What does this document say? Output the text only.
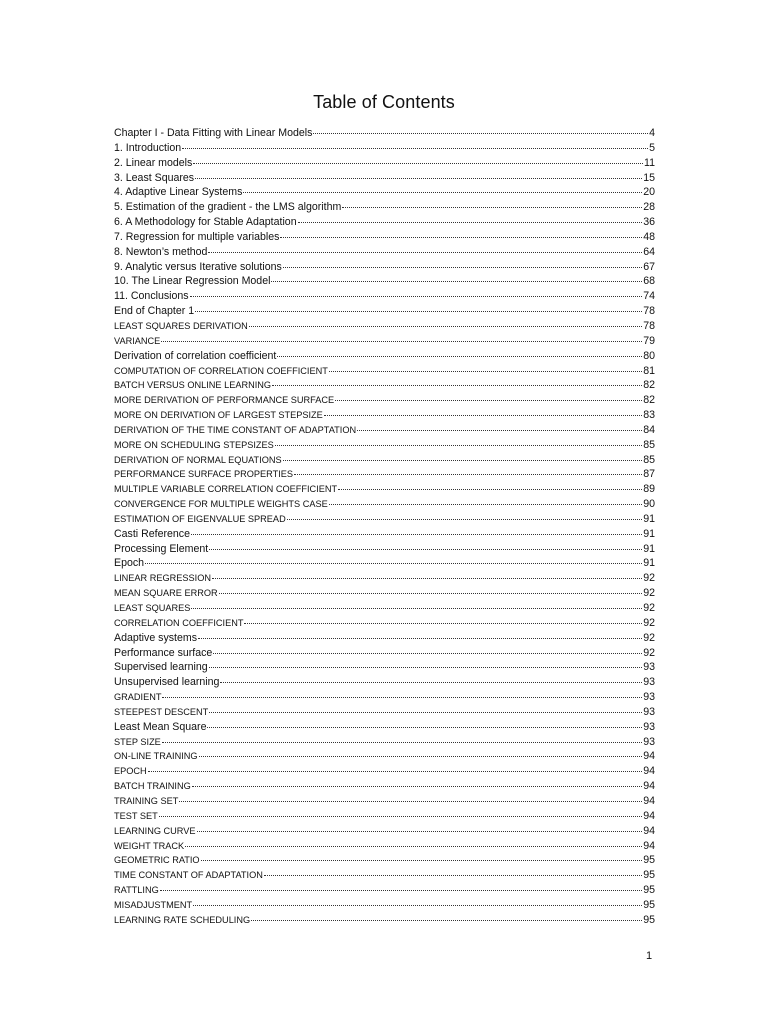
Table of Contents
Chapter I - Data Fitting with Linear Models	4
1. Introduction	5
2. Linear models	11
3. Least Squares	15
4. Adaptive Linear Systems	20
5. Estimation of the gradient - the LMS algorithm	28
6. A Methodology for Stable Adaptation	36
7. Regression for multiple variables	48
8. Newton’s method	64
9. Analytic versus Iterative solutions	67
10. The Linear Regression Model	68
11. Conclusions	74
End of Chapter 1	78
LEAST SQUARES DERIVATION	78
VARIANCE	79
Derivation of correlation coefficient	80
COMPUTATION OF CORRELATION COEFFICIENT	81
BATCH VERSUS ONLINE LEARNING	82
MORE DERIVATION OF PERFORMANCE SURFACE	82
MORE ON DERIVATION OF LARGEST STEPSIZE	83
DERIVATION OF THE TIME CONSTANT OF ADAPTATION	84
MORE ON SCHEDULING STEPSIZES	85
DERIVATION OF NORMAL EQUATIONS	85
PERFORMANCE SURFACE PROPERTIES	87
MULTIPLE VARIABLE CORRELATION COEFFICIENT	89
CONVERGENCE FOR MULTIPLE WEIGHTS CASE	90
ESTIMATION OF EIGENVALUE SPREAD	91
Casti Reference	91
Processing Element	91
Epoch	91
LINEAR REGRESSION	92
MEAN SQUARE ERROR	92
LEAST SQUARES	92
CORRELATION COEFFICIENT	92
Adaptive systems	92
Performance surface	92
Supervised learning	93
Unsupervised learning	93
GRADIENT	93
STEEPEST DESCENT	93
Least Mean Square	93
STEP SIZE	93
ON-LINE TRAINING	94
EPOCH	94
BATCH TRAINING	94
TRAINING SET	94
TEST SET	94
LEARNING CURVE	94
WEIGHT TRACK	94
GEOMETRIC RATIO	95
TIME CONSTANT OF ADAPTATION	95
RATTLING	95
MISADJUSTMENT	95
LEARNING RATE SCHEDULING	95
1
